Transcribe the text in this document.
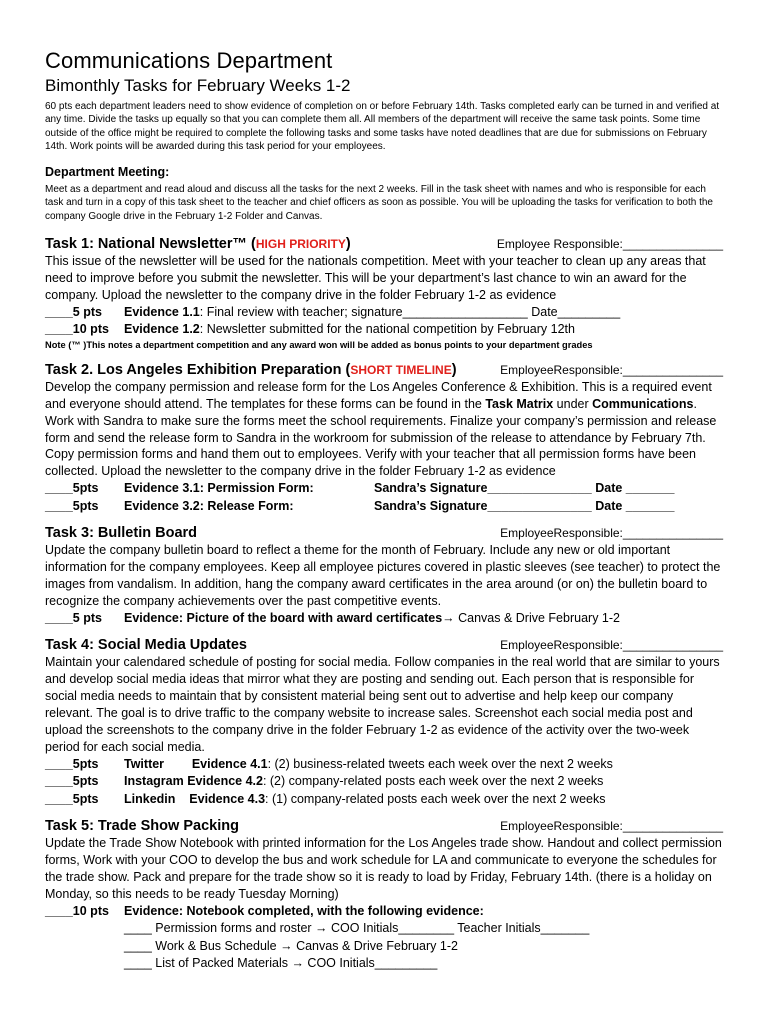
Communications Department
Bimonthly Tasks for February Weeks 1-2

60 pts each department leaders need to show evidence of completion on or before February 14th. Tasks completed early can be turned in and verified at any time. Divide the tasks up equally so that you can complete them all. All members of the department will receive the same task points. Some time outside of the office might be required to complete the following tasks and some tasks have noted deadlines that are due for submissions on February 14th. Work points will be awarded during this task period for your employees.

Department Meeting:

Meet as a department and read aloud and discuss all the tasks for the next 2 weeks. Fill in the task sheet with names and who is responsible for each task and turn in a copy of this task sheet to the teacher and chief officers as soon as possible. You will be uploading the tasks for verification to both the company Google drive in the February 1-2 Folder and Canvas.

Task 1: National Newsletter™ (HIGH PRIORITY)	Employee Responsible:_______________

This issue of the newsletter will be used for the nationals competition. Meet with your teacher to clean up any areas that need to improve before you submit the newsletter. This will be your department’s last chance to win an award for the company. Upload the newsletter to the company drive in the folder February 1-2 as evidence

____5 pts	Evidence 1.1: Final review with teacher; signature__________________ Date_________
____10 pts	Evidence 1.2: Newsletter submitted for the national competition by February 12th

Note (™ )This notes a department competition and any award won will be added as bonus points to your department grades

Task 2. Los Angeles Exhibition Preparation (SHORT TIMELINE)	EmployeeResponsible:_______________

Develop the company permission and release form for the Los Angeles Conference & Exhibition. This is a required event and everyone should attend. The templates for these forms can be found in the Task Matrix under Communications. Work with Sandra to make sure the forms meet the school requirements. Finalize your company’s permission and release form and send the release form to Sandra in the workroom for submission of the release to attendance by February 7th. Copy permission forms and hand them out to employees. Verify with your teacher that all permission forms have been collected. Upload the newsletter to the company drive in the folder February 1-2 as evidence

____5pts	Evidence 3.1: Permission Form:	Sandra’s Signature_______________ Date _______
____5pts	Evidence 3.2: Release Form:	Sandra’s Signature_______________ Date _______
Task 3: Bulletin Board	EmployeeResponsible:_______________

Update the company bulletin board to reflect a theme for the month of February. Include any new or old important information for the company employees. Keep all employee pictures covered in plastic sleeves (see teacher) to protect the images from vandalism. In addition, hang the company award certificates in the area around (or on) the bulletin board to recognize the company achievements over the past competitive events.

____5 pts	Evidence: Picture of the board with award certificates→ Canvas & Drive February 1-2
Task 4: Social Media Updates	EmployeeResponsible:_______________

Maintain your calendared schedule of posting for social media. Follow companies in the real world that are similar to yours and develop social media ideas that mirror what they are posting and sending out. Each person that is responsible for social media needs to maintain that by consistent material being sent out to advertise and help keep our company relevant. The goal is to drive traffic to the company website to increase sales. Screenshot each social media post and upload the screenshots to the company drive in the folder February 1-2 as evidence of the activity over the two-week period for each social media.

____5pts	Twitter        Evidence 4.1: (2) business-related tweets each week over the next 2 weeks
____5pts	Instagram Evidence 4.2: (2) company-related posts each week over the next 2 weeks
____5pts	Linkedin    Evidence 4.3: (1) company-related posts each week over the next 2 weeks
Task 5: Trade Show Packing	EmployeeResponsible:_______________

Update the Trade Show Notebook with printed information for the Los Angeles trade show. Handout and collect permission forms, Work with your COO to develop the bus and work schedule for LA and communicate to everyone the schedules for the trade show. Pack and prepare for the trade show so it is ready to load by Friday, February 14th. (there is a holiday on Monday, so this needs to be ready Tuesday Morning)

____10 pts	Evidence: Notebook completed, with the following evidence:
____ Permission forms and roster → COO Initials________ Teacher Initials_______
____ Work & Bus Schedule → Canvas & Drive February 1-2
____ List of Packed Materials → COO Initials_________
